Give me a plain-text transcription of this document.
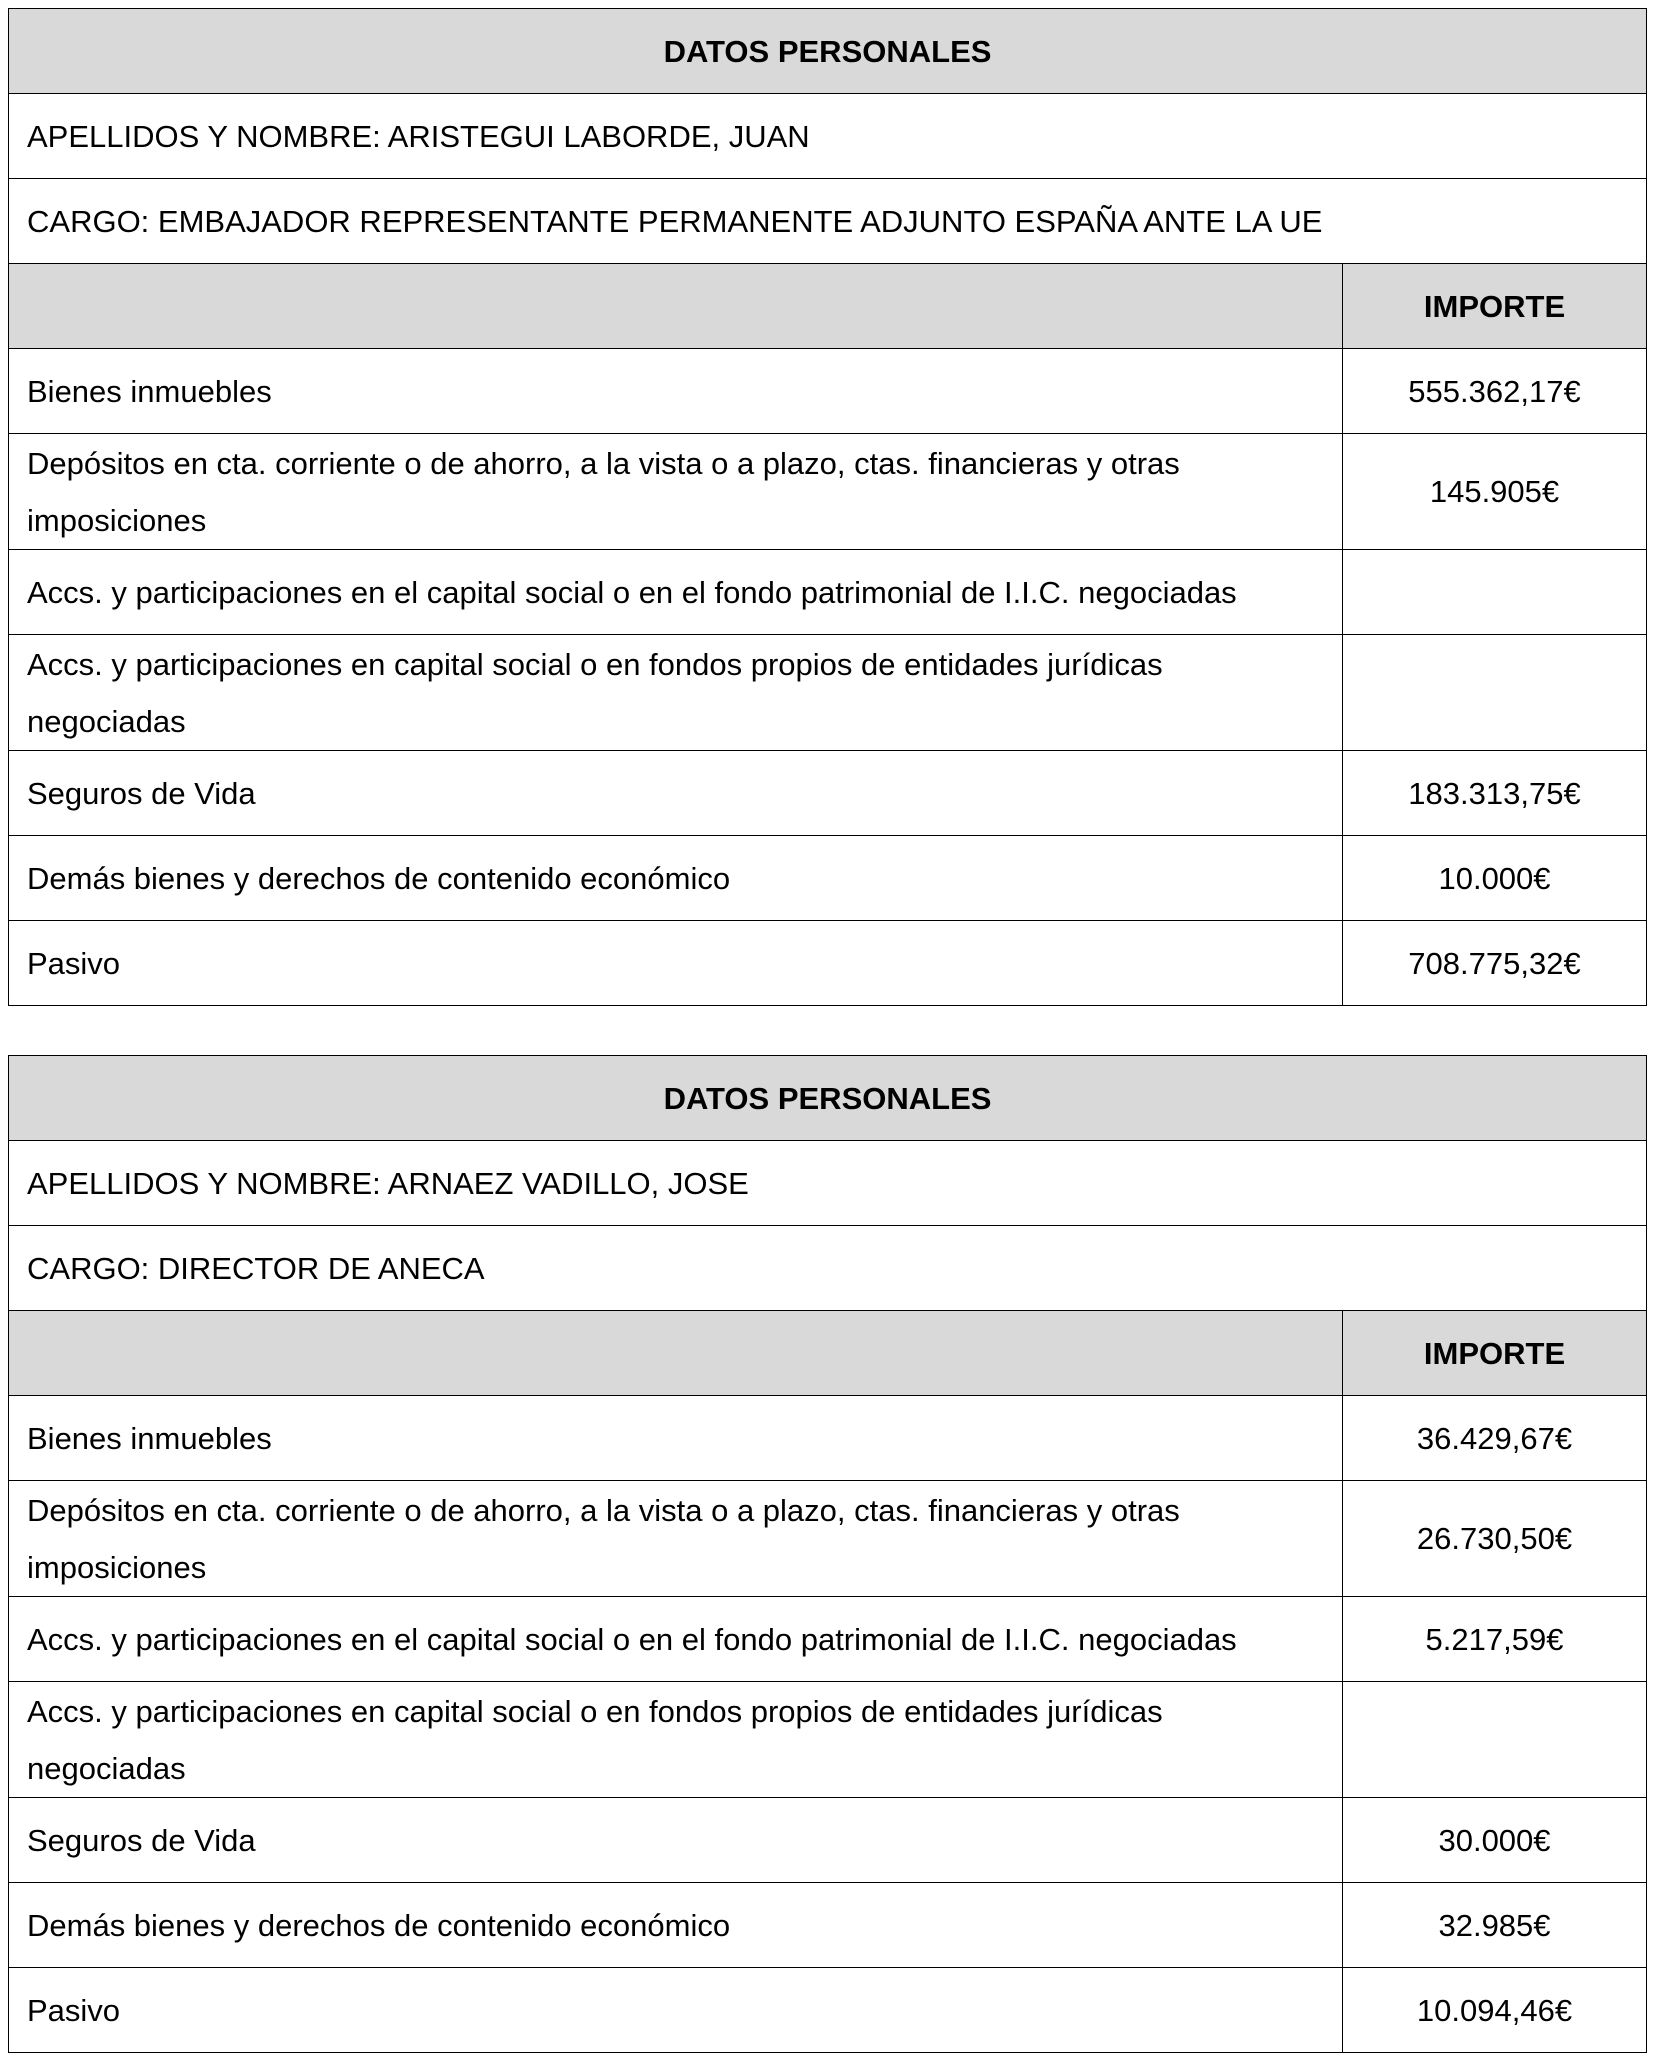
DATOS PERSONALES	
APELLIDOS Y NOMBRE: ARISTEGUI LABORDE, JUAN	
CARGO: EMBAJADOR REPRESENTANTE PERMANENTE ADJUNTO ESPAÑA ANTE LA UE	
	IMPORTE
Bienes inmuebles	555.362,17€
Depósitos en cta. corriente o de ahorro, a la vista o a plazo, ctas. financieras y otras imposiciones	145.905€
Accs. y participaciones en el capital social o en el fondo patrimonial de I.I.C. negociadas	
Accs. y participaciones en capital social o en fondos propios de entidades jurídicas negociadas	
Seguros de Vida	183.313,75€
Demás bienes y derechos de contenido económico	10.000€
Pasivo	708.775,32€
DATOS PERSONALES	
APELLIDOS Y NOMBRE: ARNAEZ VADILLO, JOSE	
CARGO: DIRECTOR DE ANECA	
	IMPORTE
Bienes inmuebles	36.429,67€
Depósitos en cta. corriente o de ahorro, a la vista o a plazo, ctas. financieras y otras imposiciones	26.730,50€
Accs. y participaciones en el capital social o en el fondo patrimonial de I.I.C. negociadas	5.217,59€
Accs. y participaciones en capital social o en fondos propios de entidades jurídicas negociadas	
Seguros de Vida	30.000€
Demás bienes y derechos de contenido económico	32.985€
Pasivo	10.094,46€
